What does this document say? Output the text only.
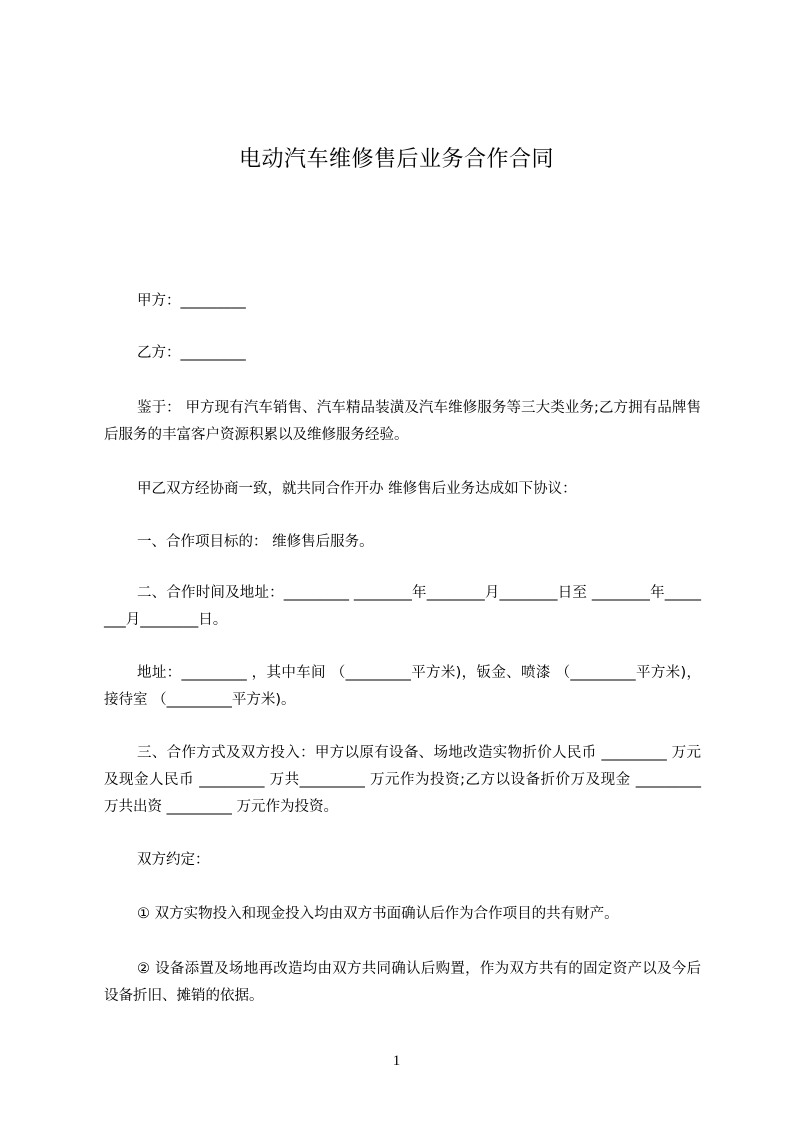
电动汽车维修售后业务合作合同
甲方：_________
乙方：_________
鉴于： 甲方现有汽车销售、汽车精品装潢及汽车维修服务等三大类业务;乙方拥有品牌售后服务的丰富客户资源积累以及维修服务经验。
甲乙双方经协商一致，就共同合作开办 维修售后业务达成如下协议：
一、合作项目标的： 维修售后服务。
二、合作时间及地址：_________ ________年________月________日至 ________年________月________日。
地址：_________ ，其中车间 （_________平方米)，钣金、喷漆 （_________平方米)，接待室 （_________平方米)。
三、合作方式及双方投入：甲方以原有设备、场地改造实物折价人民币 _________ 万元及现金人民币 _________ 万共_________ 万元作为投资;乙方以设备折价万及现金 _________ 万共出资 _________ 万元作为投资。
双方约定：
① 双方实物投入和现金投入均由双方书面确认后作为合作项目的共有财产。
② 设备添置及场地再改造均由双方共同确认后购置，作为双方共有的固定资产以及今后设备折旧、摊销的依据。
1
